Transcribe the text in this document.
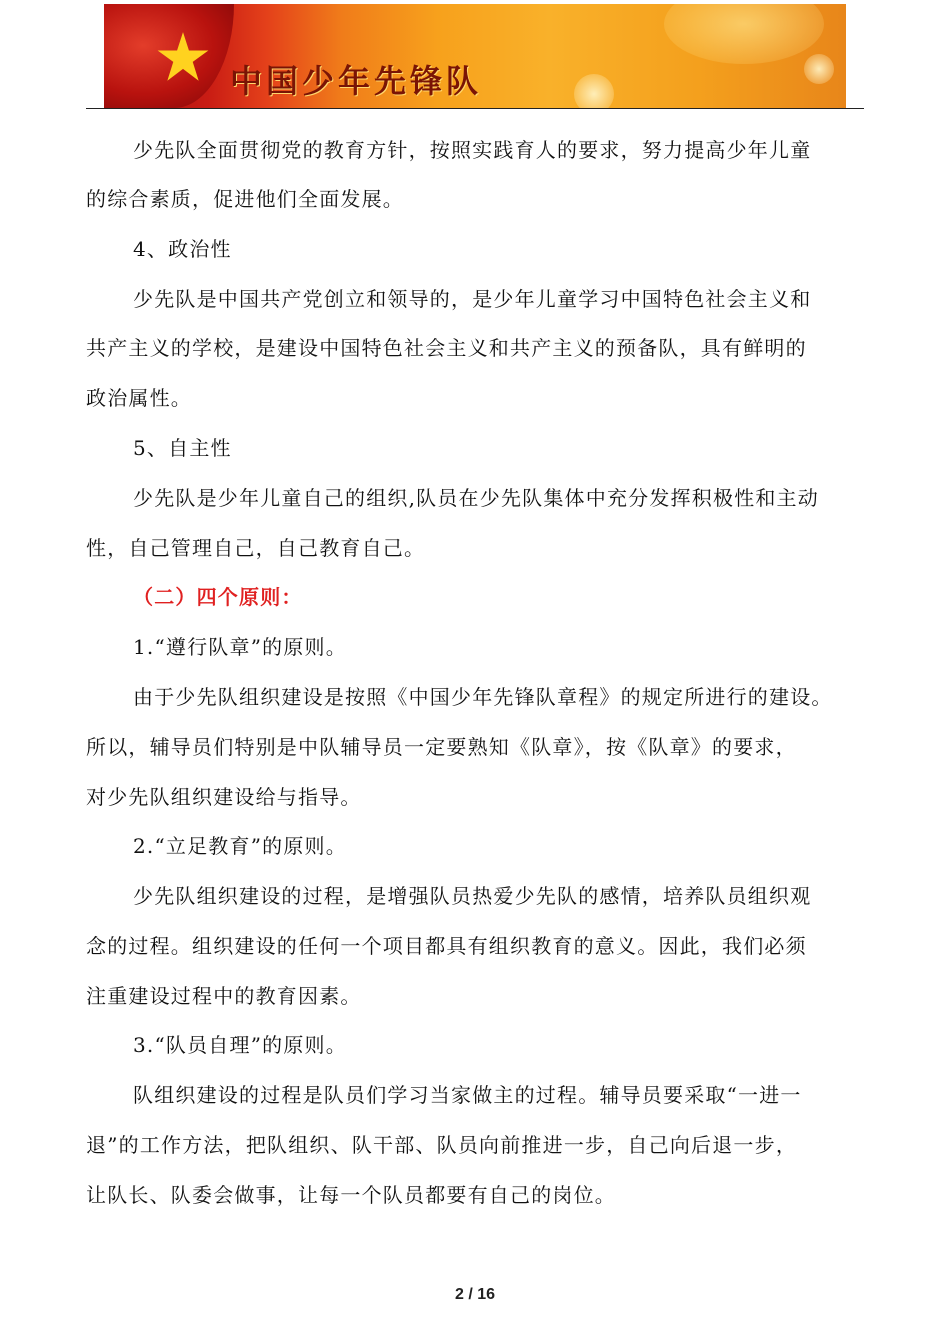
中国少年先锋队
少先队全面贯彻党的教育方针，按照实践育人的要求，努力提高少年儿童
的综合素质，促进他们全面发展。
4、政治性
少先队是中国共产党创立和领导的，是少年儿童学习中国特色社会主义和
共产主义的学校，是建设中国特色社会主义和共产主义的预备队，具有鲜明的
政治属性。
5、自主性
少先队是少年儿童自己的组织,队员在少先队集体中充分发挥积极性和主动
性，自己管理自己，自己教育自己。
（二）四个原则：
1.“遵行队章”的原则。
由于少先队组织建设是按照《中国少年先锋队章程》的规定所进行的建设。
所以，辅导员们特别是中队辅导员一定要熟知《队章》，按《队章》的要求，
对少先队组织建设给与指导。
2.“立足教育”的原则。
少先队组织建设的过程，是增强队员热爱少先队的感情，培养队员组织观
念的过程。组织建设的任何一个项目都具有组织教育的意义。因此，我们必须
注重建设过程中的教育因素。
3.“队员自理”的原则。
队组织建设的过程是队员们学习当家做主的过程。辅导员要采取“一进一
退”的工作方法，把队组织、队干部、队员向前推进一步，自己向后退一步，
让队长、队委会做事，让每一个队员都要有自己的岗位。
2 / 16
